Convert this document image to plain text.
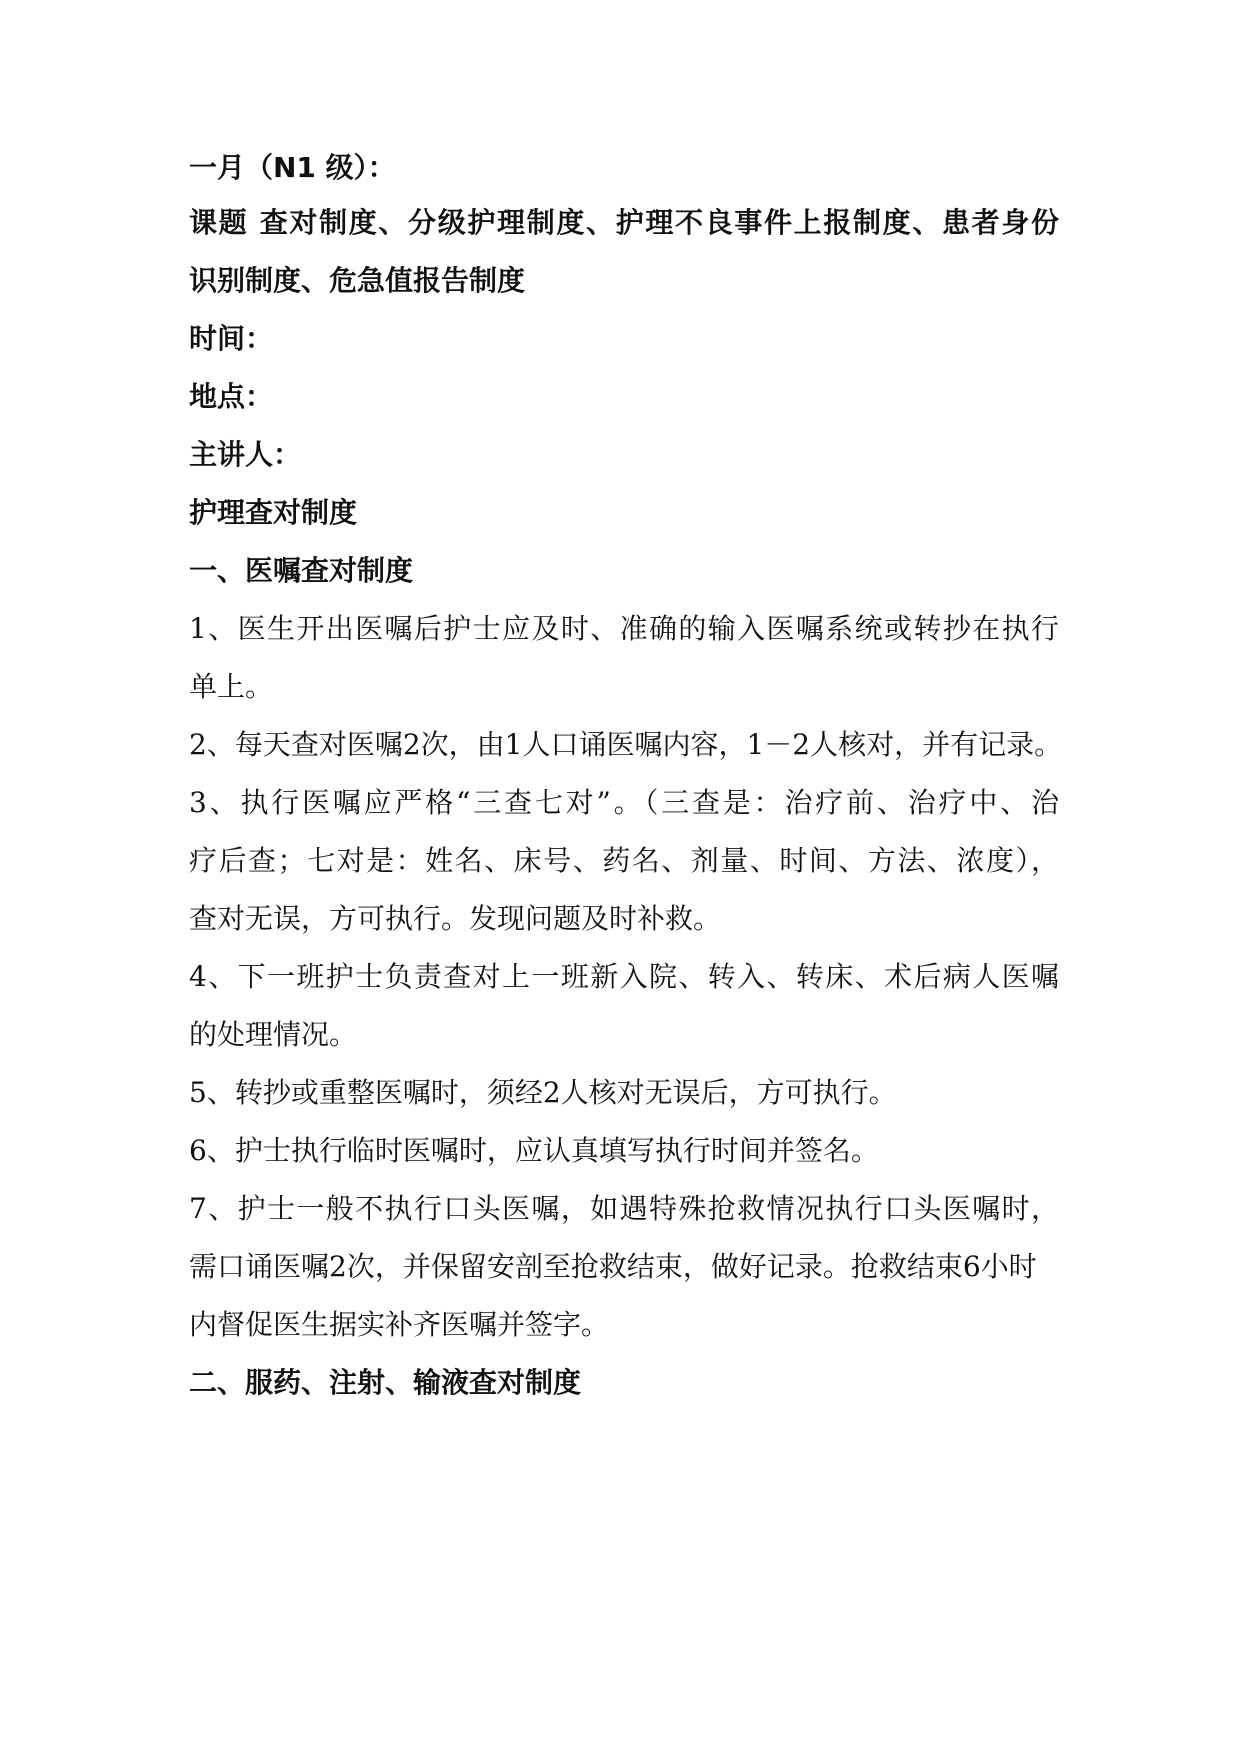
一月（N1 级）：
课题 查对制度、分级护理制度、护理不良事件上报制度、患者身份
识别制度、危急值报告制度
时间：
地点：
主讲人：
护理查对制度
一、医嘱查对制度
1、医生开出医嘱后护士应及时、准确的输入医嘱系统或转抄在执行
单上。
2、每天查对医嘱2次，由1人口诵医嘱内容，1－2人核对，并有记录。
3、执行医嘱应严格“三查七对”。（三查是：治疗前、治疗中、治
疗后查；七对是：姓名、床号、药名、剂量、时间、方法、浓度），
查对无误，方可执行。发现问题及时补救。
4、下一班护士负责查对上一班新入院、转入、转床、术后病人医嘱
的处理情况。
5、转抄或重整医嘱时，须经2人核对无误后，方可执行。
6、护士执行临时医嘱时，应认真填写执行时间并签名。
7、护士一般不执行口头医嘱，如遇特殊抢救情况执行口头医嘱时，
需口诵医嘱2次，并保留安剖至抢救结束，做好记录。抢救结束6小时
内督促医生据实补齐医嘱并签字。
二、服药、注射、输液查对制度
